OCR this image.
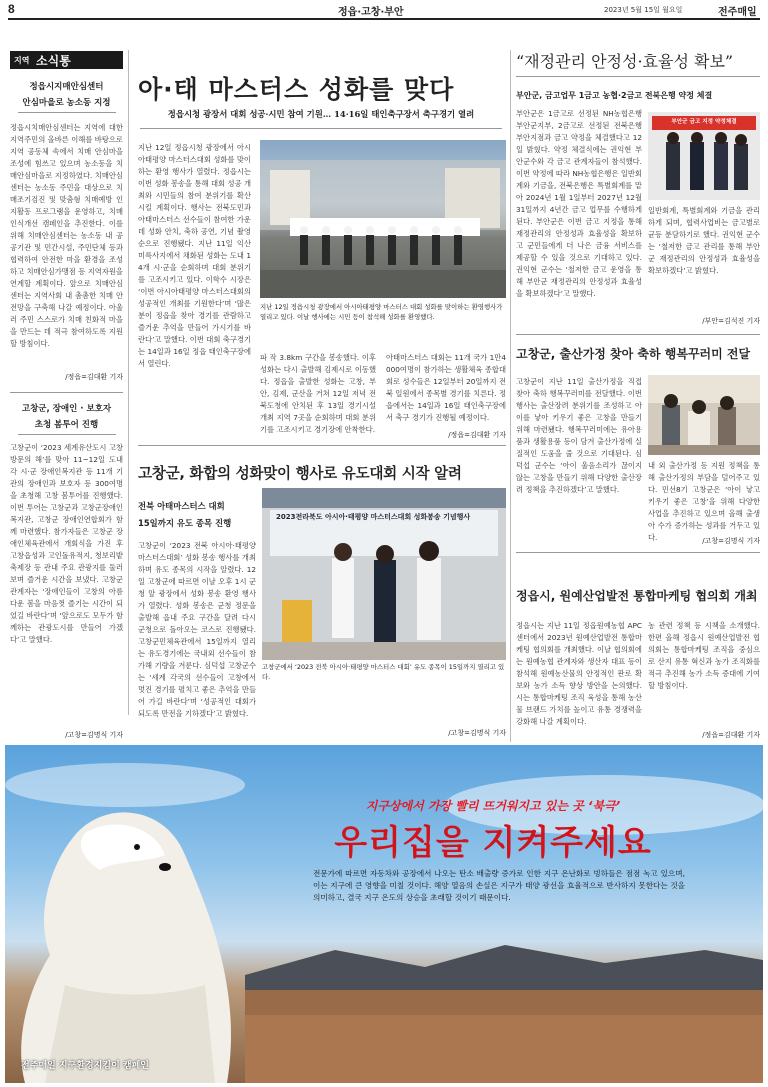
8	정읍·고창·부안	2023년 5월 15일 월요일	전주매일
지역 소식통
정읍시지매안심센터
안심마을로 농소동 지정
정읍시치매안심센터는 지역에 대한 지역주민의 올바른 이해를 바탕으로 지역 공동체 속에서 치매 안심마을 조성에 힘쓰고 있으며 농소동을 치매안심마을로 지정하였다. 치매안심센터는 농소동 주민을 대상으로 치매조기검진 및 맞춤형 치매예방 인지활동 프로그램을 운영하고, 치매 인식개선 캠페인을 추진한다. 이를 위해 치매안심센터는 농소동 내 공공기관 및 민간시설, 주민단체 등과 협력하여 안전한 마을 환경을 조성하고 치매안심가맹점 등 지역자원을 연계할 계획이다. 앞으로 치매안심센터는 지역사회 내 촘촘한 치매 안전망을 구축해 나갈 예정이다. 아울러 주민 스스로가 치매 친화적 마을을 만드는 데 적극 참여하도록 지원할 방침이다.
/정읍=김대환 기자
고창군, 장애인 · 보호자
초청 봄투어 진행
고창군이 ‘2023 세계유산도시 고창 방문의 해’를 맞아 11~12일 도내 각 시·군 장애인복지관 등 11개 기관의 장애인과 보호자 등 300여명을 초청해 고창 봄투어를 진행했다. 이번 투어는 고창군과 고창군장애인복지관, 고창군 장애인연합회가 함께 마련했다. 참가자들은 고창군 장애인체육관에서 개회식을 가진 후 고창읍성과 고인돌유적지, 청보리밭 축제장 등 관내 주요 관광지를 둘러보며 즐거운 시간을 보냈다. 고창군 관계자는 ‘장애인들이 고창의 아름다운 봄을 마음껏 즐기는 시간이 되었길 바란다’며 ‘앞으로도 모두가 함께하는 관광도시를 만들어 가겠다’고 말했다.
/고창=김명식 기자
아·태 마스터스 성화를 맞다
정읍시청 광장서 대회 성공·시민 참여 기원… 14·16일 태인축구장서 축구경기 열려
지난 12일 정읍시청 광장에서 아시아태평양 마스터스대회 성화를 맞이하는 환영 행사가 열렸다. 정읍시는 이번 성화 봉송을 통해 대회 성공 개최와 시민들의 참여 분위기를 확산시킬 계획이다. 행사는 전북도민과 아태마스터스 선수들이 참여한 가운데 성화 안치, 축하 공연, 기념 촬영 순으로 진행됐다. 지난 11일 익산 미륵사지에서 채화된 성화는 도내 14개 시·군을 순회하며 대회 분위기를 고조시키고 있다. 이학수 시장은 ‘이번 아시아태평양 마스터스대회의 성공적인 개최를 기원한다’며 ‘많은 분이 정읍을 찾아 경기를 관람하고 즐거운 추억을 만들어 가시기를 바란다’고 말했다. 이번 대회 축구경기는 14일과 16일 정읍 태인축구장에서 열린다.
지난 12일 정읍시청 광장에서 아시아태평양 마스터스 대회 성화를 맞이하는 환영행사가 열리고 있다. 이날 행사에는 시민 등이 참석해 성화를 환영했다.
파 작 3.8km 구간을 봉송했다. 이후 성화는 다시 출발해 김제시로 이동했다. 정읍을 출발한 성화는 고창, 부안, 김제, 군산을 거쳐 12일 저녁 전북도청에 안치된 후 13일 경기시설 개최 지역 7곳을 순회하며 대회 분위기를 고조시키고 경기장에 안착한다.
아태마스터스 대회는 11개 국가 1만4000여명이 참가하는 생활체육 종합대회로 성수들은 12일부터 20일까지 전북 일원에서 종목별 경기를 치른다. 정읍에서는 14일과 16일 태인축구장에서 축구 경기가 진행될 예정이다.
/정읍=김대환 기자
고창군, 화합의 성화맞이 행사로 유도대회 시작 알려
전북 아태마스터스 대회
15일까지 유도 종목 진행
고창군이 ‘2023 전북 아시아·태평양 마스터스대회’ 성화 봉송 행사를 개최하며 유도 종목의 시작을 알렸다. 12일 고창군에 따르면 이날 오후 1시 군청 앞 광장에서 성화 봉송 환영 행사가 열렸다. 성화 봉송은 군청 정문을 출발해 읍내 주요 구간을 달려 다시 군청으로 돌아오는 코스로 진행됐다. 고창군민체육관에서 15일까지 열리는 유도경기에는 국내외 선수들이 참가해 기량을 겨룬다. 심덕섭 고창군수는 ‘세계 각국의 선수들이 고창에서 멋진 경기를 펼치고 좋은 추억을 만들어 가길 바란다’며 ‘성공적인 대회가 되도록 만전을 기하겠다’고 밝혔다.
/고창=김명식 기자
2023전라북도 아시아·태평양 마스터스대회 성화봉송 기념행사
고창군에서 ‘2023 전북 아시아·태평양 마스터스 대회’ 유도 종목이 15일까지 열리고 있다.
“재정관리 안정성·효율성 확보”
부안군, 금고업무 1금고 농협·2금고 전북은행 약정 체결
부안군은 1금고로 선정된 NH농협은행 부안군지부, 2금고로 선정된 전북은행 부안지점과 금고 약정을 체결했다고 12일 밝혔다. 약정 체결식에는 권익현 부안군수와 각 금고 관계자들이 참석했다. 이번 약정에 따라 NH농협은행은 일반회계와 기금을, 전북은행은 특별회계를 맡아 2024년 1월 1일부터 2027년 12월 31일까지 4년간 금고 업무를 수행하게 된다. 부안군은 이번 금고 지정을 통해 재정관리의 안정성과 효율성을 확보하고 군민들에게 더 나은 금융 서비스를 제공할 수 있을 것으로 기대하고 있다. 권익현 군수는 ‘철저한 금고 운영을 통해 부안군 재정관리의 안정성과 효율성을 확보하겠다’고 말했다.
부안군 금고 지정 약정체결
일반회계, 특별회계와 기금을 관리하게 되며, 협력사업비는 금고별로 균등 분담하기로 했다. 권익현 군수는 ‘철저한 금고 관리를 통해 부안군 재정관리의 안정성과 효율성을 확보하겠다’고 밝혔다.
/부안=김석진 기자
고창군, 출산가정 찾아 축하 행복꾸러미 전달
고창군이 지난 11일 출산가정을 직접 찾아 축하 행복꾸러미를 전달했다. 이번 행사는 출산장려 분위기를 조성하고 아이를 낳아 키우기 좋은 고창을 만들기 위해 마련됐다. 행복꾸러미에는 유아용품과 생활용품 등이 담겨 출산가정에 실질적인 도움을 줄 것으로 기대된다. 심덕섭 군수는 ‘아이 울음소리가 끊이지 않는 고창을 만들기 위해 다양한 출산장려 정책을 추진하겠다’고 말했다.
내 외 출산가정 등 지원 정책을 통해 출산가정의 부담을 덜어주고 있다. 민선8기 고창군은 ‘아이 낳고 키우기 좋은 고창’을 위해 다양한 사업을 추진하고 있으며 올해 출생아 수가 증가하는 성과를 거두고 있다.	/고창=김명식 기자
정읍시, 원예산업발전 통합마케팅 협의회 개최
정읍시는 지난 11일 정읍원예농협 APC센터에서 2023년 원예산업발전 통합마케팅 협의회를 개최했다. 이날 협의회에는 원예농협 관계자와 생산자 대표 등이 참석해 원예농산물의 안정적인 판로 확보와 농가 소득 향상 방안을 논의했다. 시는 통합마케팅 조직 육성을 통해 농산물 브랜드 가치를 높이고 유통 경쟁력을 강화해 나갈 계획이다.
농 관련 정책 등 시책을 소개했다. 한편 올해 정읍시 원예산업발전 협의회는 통합마케팅 조직을 중심으로 산지 유통 혁신과 농가 조직화를 적극 추진해 농가 소득 증대에 기여할 방침이다.
/정읍=김대환 기자
지구상에서 가장 빨리 뜨거워지고 있는 곳 ‘북극’
우리집을 지켜주세요
전문가에 따르면 자동차와 공장에서 나오는 탄소 배출량 증가로 인한 지구 온난화로 빙하들은 점점 녹고 있으며, 이는 지구에 큰 영향을 미칠 것이다. 해양 열음의 손실은 지구가 태양 광선을 효율적으로 반사하지 못한다는 것을 의미하고, 결국 지구 온도의 상승을 초래할 것이기 때문이다.
전주매일 지구환경지킴이 캠페인
